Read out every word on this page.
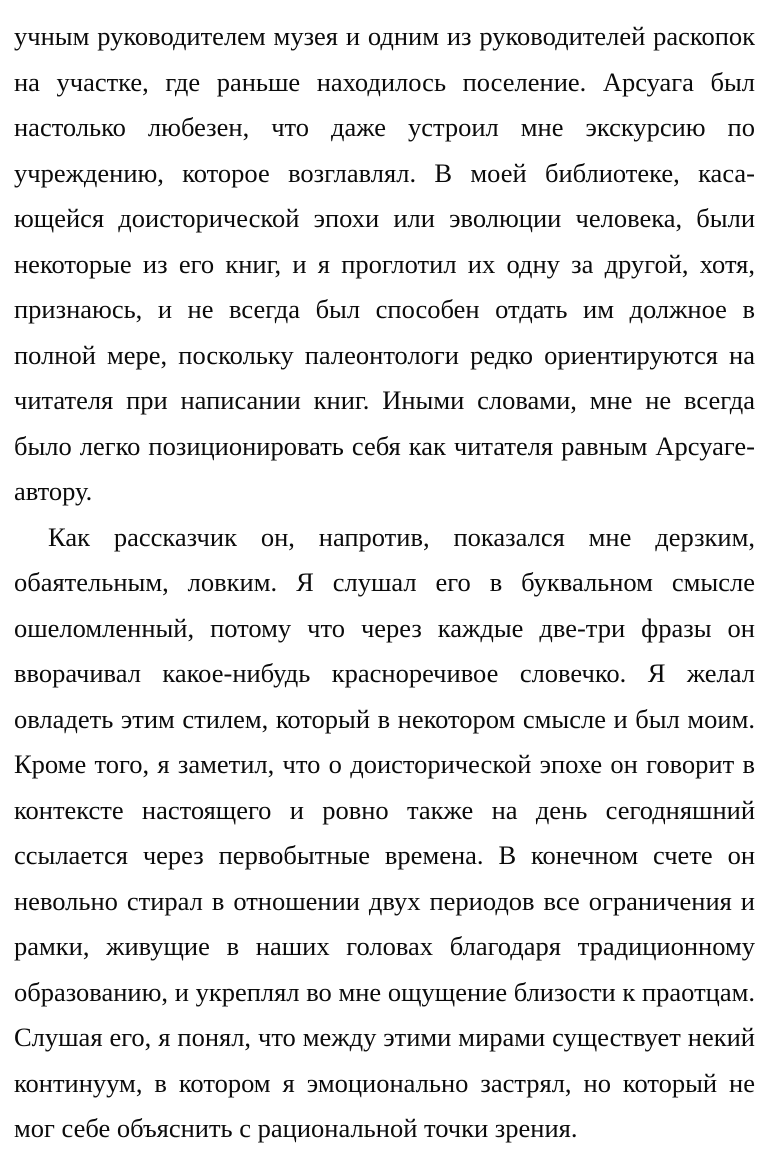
учным руководителем музея и одним из руководителей раскопок на участке, где раньше находилось поселение. Арсуага был настолько любезен, что даже устроил мне экскурсию по учреждению, которое возглавлял. В моей библиотеке, касающейся доисторической эпохи или эволюции человека, были некоторые из его книг, и я проглотил их одну за другой, хотя, признаюсь, и не всегда был способен отдать им должное в полной мере, поскольку палеонтологи редко ориентируются на читателя при написании книг. Иными словами, мне не всегда было легко позиционировать себя как читателя равным Арсуаге-автору.

Как рассказчик он, напротив, показался мне дерзким, обаятельным, ловким. Я слушал его в буквальном смысле ошеломленный, потому что через каждые две-три фразы он вворачивал какое-нибудь красноречивое словечко. Я желал овладеть этим стилем, который в некотором смысле и был моим. Кроме того, я заметил, что о доисторической эпохе он говорит в контексте настоящего и ровно также на день сегодняшний ссылается через первобытные времена. В конечном счете он невольно стирал в отношении двух периодов все ограничения и рамки, живущие в наших головах благодаря традиционному образованию, и укреплял во мне ощущение близости к праотцам. Слушая его, я понял, что между этими мирами существует некий континуум, в котором я эмоционально застрял, но который не мог себе объяснить с рациональной точки зрения.
